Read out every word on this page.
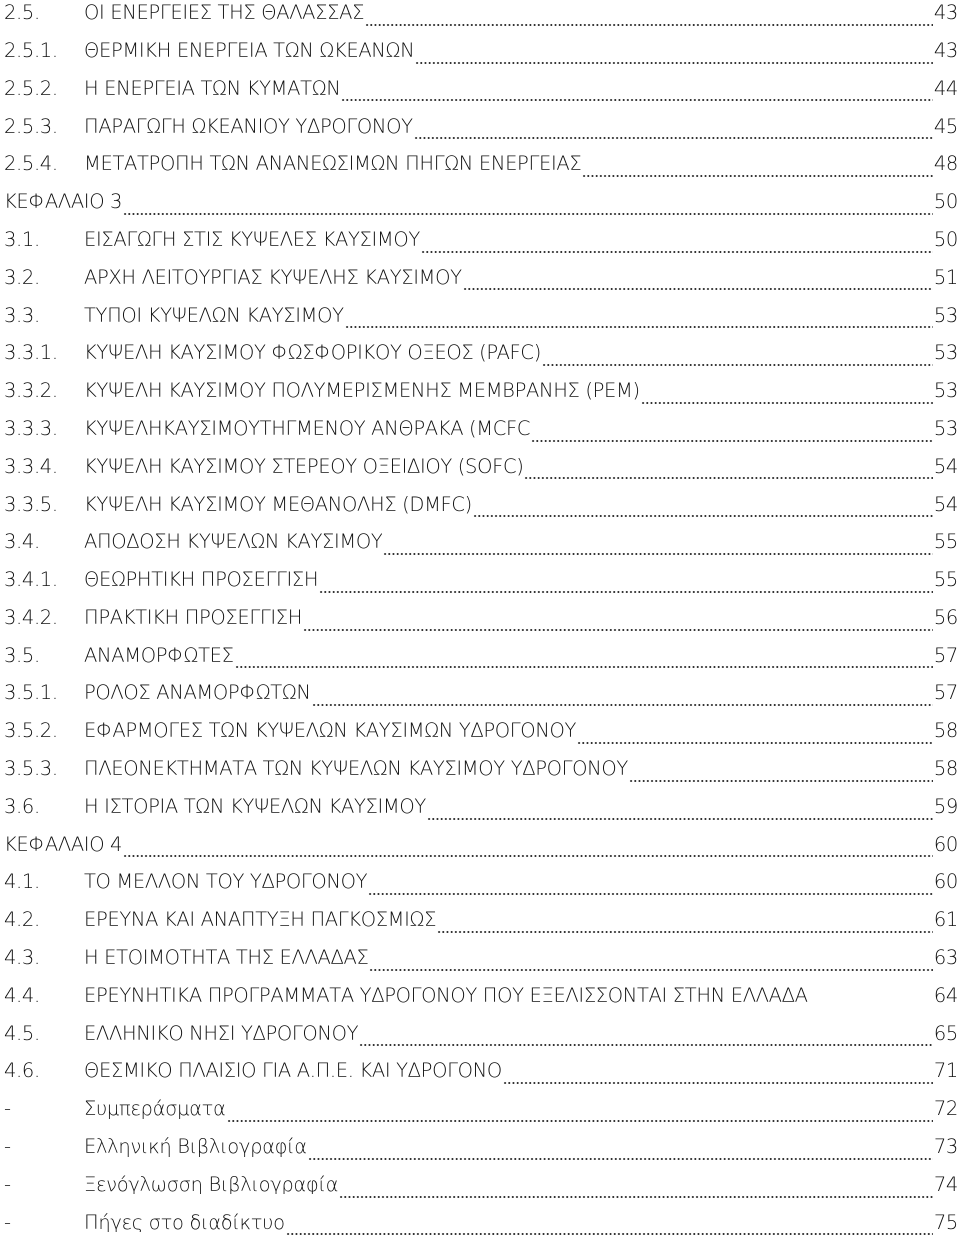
2.5.	ΟΙ ΕΝΕΡΓΕΙΕΣ ΤΗΣ ΘΑΛΑΣΣΑΣ	43
2.5.1.	ΘΕΡΜΙΚΗ ΕΝΕΡΓΕΙΑ ΤΩΝ ΩΚΕΑΝΩΝ	43
2.5.2.	Η ΕΝΕΡΓΕΙΑ ΤΩΝ ΚΥΜΑΤΩΝ	44
2.5.3.	ΠΑΡΑΓΩΓΗ ΩΚΕΑΝΙΟΥ ΥΔΡΟΓΟΝΟΥ	45
2.5.4.	ΜΕΤΑΤΡΟΠΗ ΤΩΝ ΑΝΑΝΕΩΣΙΜΩΝ ΠΗΓΩΝ ΕΝΕΡΓΕΙΑΣ	48
ΚΕΦΑΛΑΙΟ 3	50
3.1.	ΕΙΣΑΓΩΓΗ ΣΤΙΣ ΚΥΨΕΛΕΣ ΚΑΥΣΙΜΟΥ	50
3.2.	ΑΡΧΗ ΛΕΙΤΟΥΡΓΙΑΣ ΚΥΨΕΛΗΣ ΚΑΥΣΙΜΟΥ	51
3.3.	ΤΥΠΟΙ ΚΥΨΕΛΩΝ ΚΑΥΣΙΜΟΥ	53
3.3.1.	ΚΥΨΕΛΗ ΚΑΥΣΙΜΟΥ ΦΩΣΦΟΡΙΚΟΥ ΟΞΕΟΣ (PAFC)	53
3.3.2.	ΚΥΨΕΛΗ ΚΑΥΣΙΜΟΥ ΠΟΛΥΜΕΡΙΣΜΕΝΗΣ ΜΕΜΒΡΑΝΗΣ (PEM)	53
3.3.3.	ΚΥΨΕΛΗΚΑΥΣΙΜΟΥΤΗΓΜΕΝΟΥ ΑΝΘΡΑΚΑ (MCFC	53
3.3.4.	ΚΥΨΕΛΗ ΚΑΥΣΙΜΟΥ ΣΤΕΡΕΟΥ ΟΞΕΙΔΙΟΥ (SOFC)	54
3.3.5.	ΚΥΨΕΛΗ ΚΑΥΣΙΜΟΥ ΜΕΘΑΝΟΛΗΣ (DMFC)	54
3.4.	ΑΠΟΔΟΣΗ ΚΥΨΕΛΩΝ ΚΑΥΣΙΜΟΥ	55
3.4.1.	ΘΕΩΡΗΤΙΚΗ ΠΡΟΣΕΓΓΙΣΗ	55
3.4.2.	ΠΡΑΚΤΙΚΗ ΠΡΟΣΕΓΓΙΣΗ	56
3.5.	ΑΝΑΜΟΡΦΩΤΕΣ	57
3.5.1.	ΡΟΛΟΣ ΑΝΑΜΟΡΦΩΤΩΝ	57
3.5.2.	ΕΦΑΡΜΟΓΕΣ ΤΩΝ ΚΥΨΕΛΩΝ ΚΑΥΣΙΜΩΝ ΥΔΡΟΓΟΝΟΥ	58
3.5.3.	ΠΛΕΟΝΕΚΤΗΜΑΤΑ ΤΩΝ ΚΥΨΕΛΩΝ ΚΑΥΣΙΜΟΥ ΥΔΡΟΓΟΝΟΥ	58
3.6.	Η ΙΣΤΟΡΙΑ ΤΩΝ ΚΥΨΕΛΩΝ ΚΑΥΣΙΜΟΥ	59
ΚΕΦΑΛΑΙΟ 4	60
4.1.	ΤΟ ΜΕΛΛΟΝ ΤΟΥ ΥΔΡΟΓΟΝΟΥ	60
4.2.	ΕΡΕΥΝΑ ΚΑΙ ΑΝΑΠΤΥΞΗ ΠΑΓΚΟΣΜΙΩΣ	61
4.3.	Η ΕΤΟΙΜΟΤΗΤΑ ΤΗΣ ΕΛΛΑΔΑΣ	63
4.4.	ΕΡΕΥΝΗΤΙΚΑ ΠΡΟΓΡΑΜΜΑΤΑ ΥΔΡΟΓΟΝΟΥ ΠΟΥ ΕΞΕΛΙΣΣΟΝΤΑΙ ΣΤΗΝ ΕΛΛΑΔΑ	64
4.5.	ΕΛΛΗΝΙΚΟ ΝΗΣΙ ΥΔΡΟΓΟΝΟΥ	65
4.6.	ΘΕΣΜΙΚΟ ΠΛΑΙΣΙΟ ΓΙΑ Α.Π.Ε. ΚΑΙ ΥΔΡΟΓΟΝΟ	71
-	Συμπεράσματα	72
-	Ελληνική Βιβλιογραφία	73
-	Ξενόγλωσση Βιβλιογραφία	74
-	Πήγες στο διαδίκτυο	75
